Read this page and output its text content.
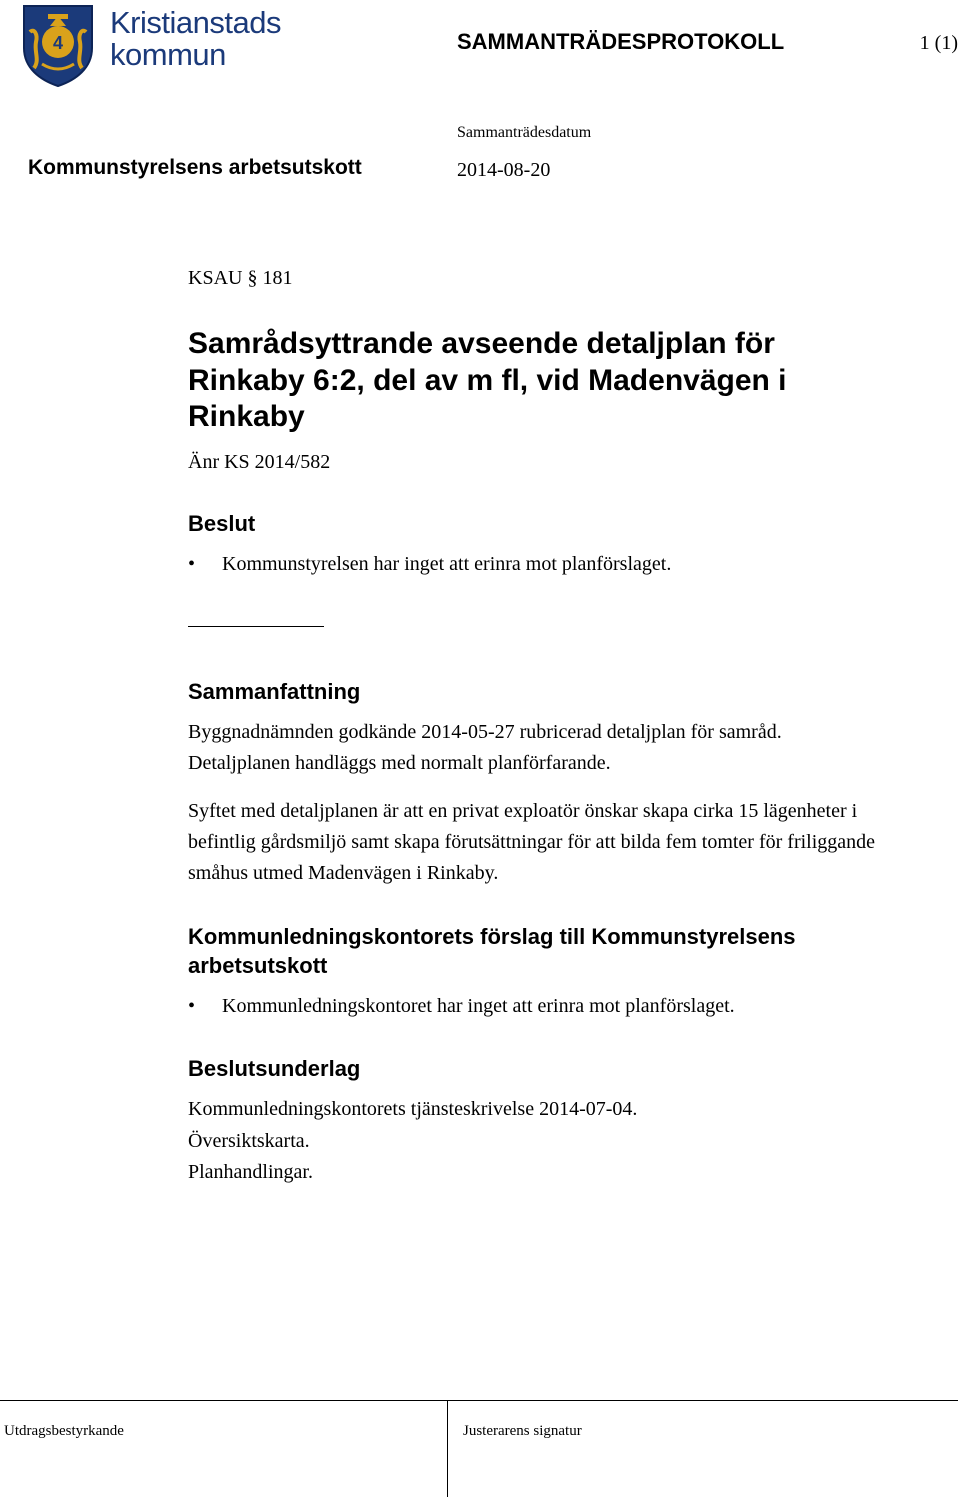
4
Kristianstads
kommun	SAMMANTRÄDESPROTOKOLL	1 (1)
Sammanträdesdatum
Kommunstyrelsens arbetsutskott	2014-08-20
KSAU § 181
Samrådsyttrande avseende detaljplan för Rinkaby 6:2, del av m fl, vid Madenvägen i Rinkaby
Änr KS 2014/582
Beslut
• Kommunstyrelsen har inget att erinra mot planförslaget.
Sammanfattning
Byggnadnämnden godkände 2014-05-27 rubricerad detaljplan för samråd. Detaljplanen handläggs med normalt planförfarande.
Syftet med detaljplanen är att en privat exploatör önskar skapa cirka 15 lägenheter i befintlig gårdsmiljö samt skapa förutsättningar för att bilda fem tomter för friliggande småhus utmed Madenvägen i Rinkaby.
Kommunledningskontorets förslag till Kommunstyrelsens arbetsutskott
• Kommunledningskontoret har inget att erinra mot planförslaget.
Beslutsunderlag
Kommunledningskontorets tjänsteskrivelse 2014-07-04.
Översiktskarta.
Planhandlingar.
Utdragsbestyrkande	Justerarens signatur
